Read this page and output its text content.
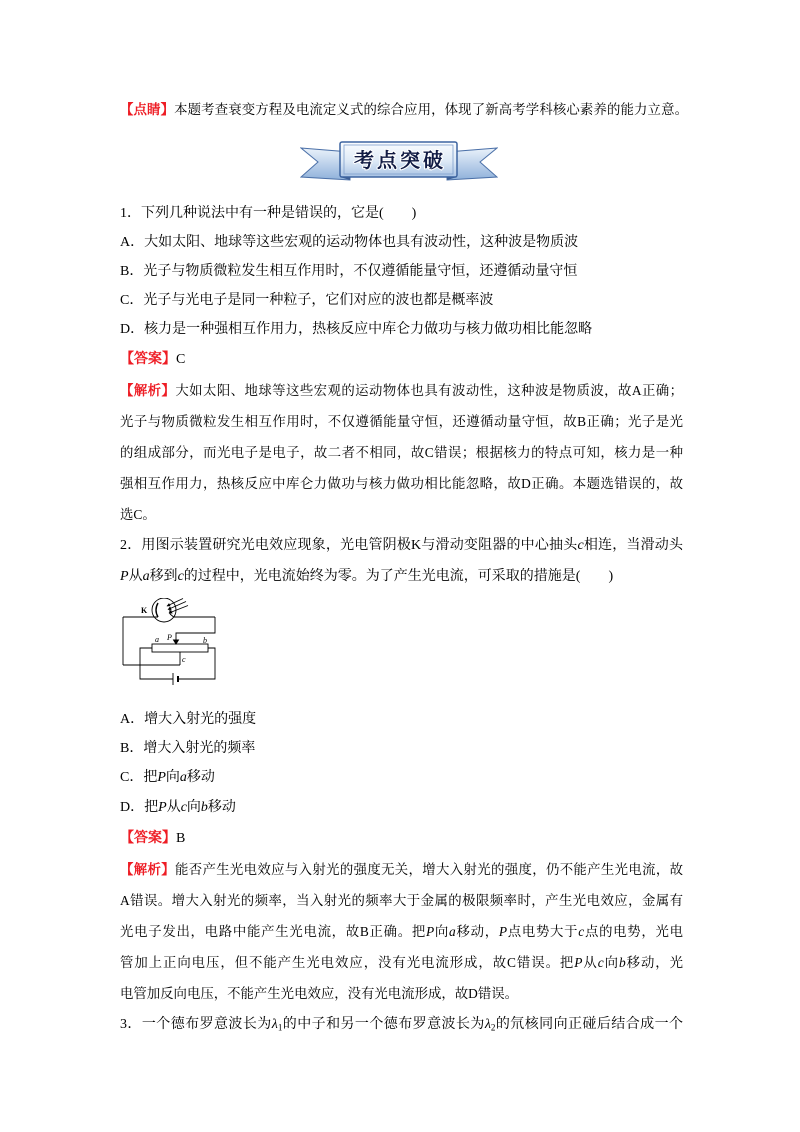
【点睛】本题考查衰变方程及电流定义式的综合应用，体现了新高考学科核心素养的能力立意。
考点突破
1．下列几种说法中有一种是错误的，它是(　　)
A．大如太阳、地球等这些宏观的运动物体也具有波动性，这种波是物质波
B．光子与物质微粒发生相互作用时，不仅遵循能量守恒，还遵循动量守恒
C．光子与光电子是同一种粒子，它们对应的波也都是概率波
D．核力是一种强相互作用力，热核反应中库仑力做功与核力做功相比能忽略
【答案】C
【解析】大如太阳、地球等这些宏观的运动物体也具有波动性，这种波是物质波，故A正确；
光子与物质微粒发生相互作用时，不仅遵循能量守恒，还遵循动量守恒，故B正确；光子是光
的组成部分，而光电子是电子，故二者不相同，故C错误；根据核力的特点可知，核力是一种
强相互作用力，热核反应中库仑力做功与核力做功相比能忽略，故D正确。本题选错误的，故
选C。
2．用图示装置研究光电效应现象，光电管阴极K与滑动变阻器的中心抽头c相连，当滑动头
P从a移到c的过程中，光电流始终为零。为了产生光电流，可采取的措施是(　　)
K
a P	b
c
A．增大入射光的强度
B．增大入射光的频率
C．把P向a移动
D．把P从c向b移动
【答案】B
【解析】能否产生光电效应与入射光的强度无关，增大入射光的强度，仍不能产生光电流，故
A错误。增大入射光的频率，当入射光的频率大于金属的极限频率时，产生光电效应，金属有
光电子发出，电路中能产生光电流，故B正确。把P向a移动，P点电势大于c点的电势，光电
管加上正向电压，但不能产生光电效应，没有光电流形成，故C错误。把P从c向b移动，光
电管加反向电压，不能产生光电效应，没有光电流形成，故D错误。
3．一个德布罗意波长为$\lambda_1$的中子和另一个德布罗意波长为$\lambda_2$的氘核同向正碰后结合成一个
